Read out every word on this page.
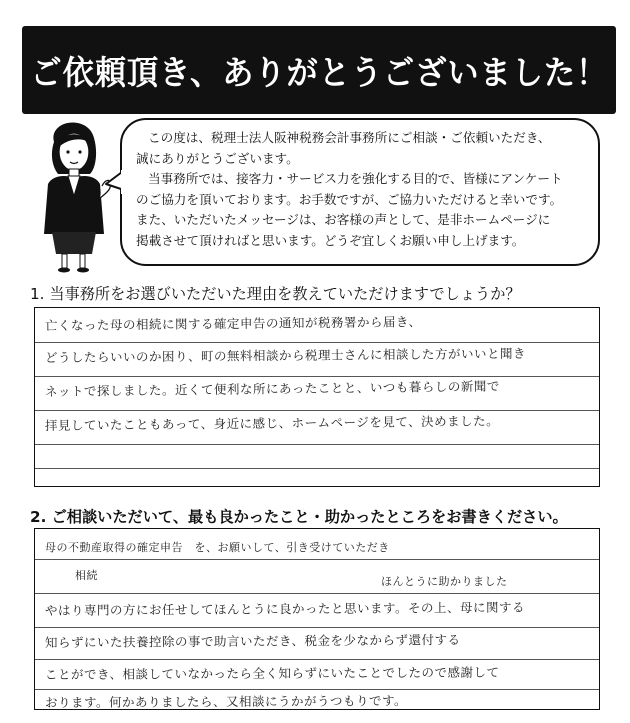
ご依頼頂き、ありがとうございました！

この度は、税理士法人阪神税務会計事務所にご相談・ご依頼いただき、
誠にありがとうございます。
当事務所では、接客力・サービス力を強化する目的で、皆様にアンケート
のご協力を頂いております。お手数ですが、ご協力いただけると幸いです。
また、いただいたメッセージは、お客様の声として、是非ホームページに
掲載させて頂ければと思います。どうぞ宜しくお願い申し上げます。

1. 当事務所をお選びいただいた理由を教えていただけますでしょうか？
亡くなった母の相続に関する確定申告の通知が税務署から届き、
どうしたらいいのか困り、町の無料相談から税理士さんに相談した方がいいと聞き
ネットで探しました。近くて便利な所にあったことと、いつも暮らしの新聞で
拝見していたこともあって、身近に感じ、ホームページを見て、決めました。
2. ご相談いただいて、最も良かったこと・助かったところをお書きください。
母の不動産取得の確定申告　を、お願いして、引き受けていただき
相続	ほんとうに助かりました
やはり専門の方にお任せしてほんとうに良かったと思います。その上、母に関する
知らずにいた扶養控除の事で助言いただき、税金を少なからず還付する
ことができ、相談していなかったら全く知らずにいたことでしたので感謝して
おります。何かありましたら、又相談にうかがうつもりです。
